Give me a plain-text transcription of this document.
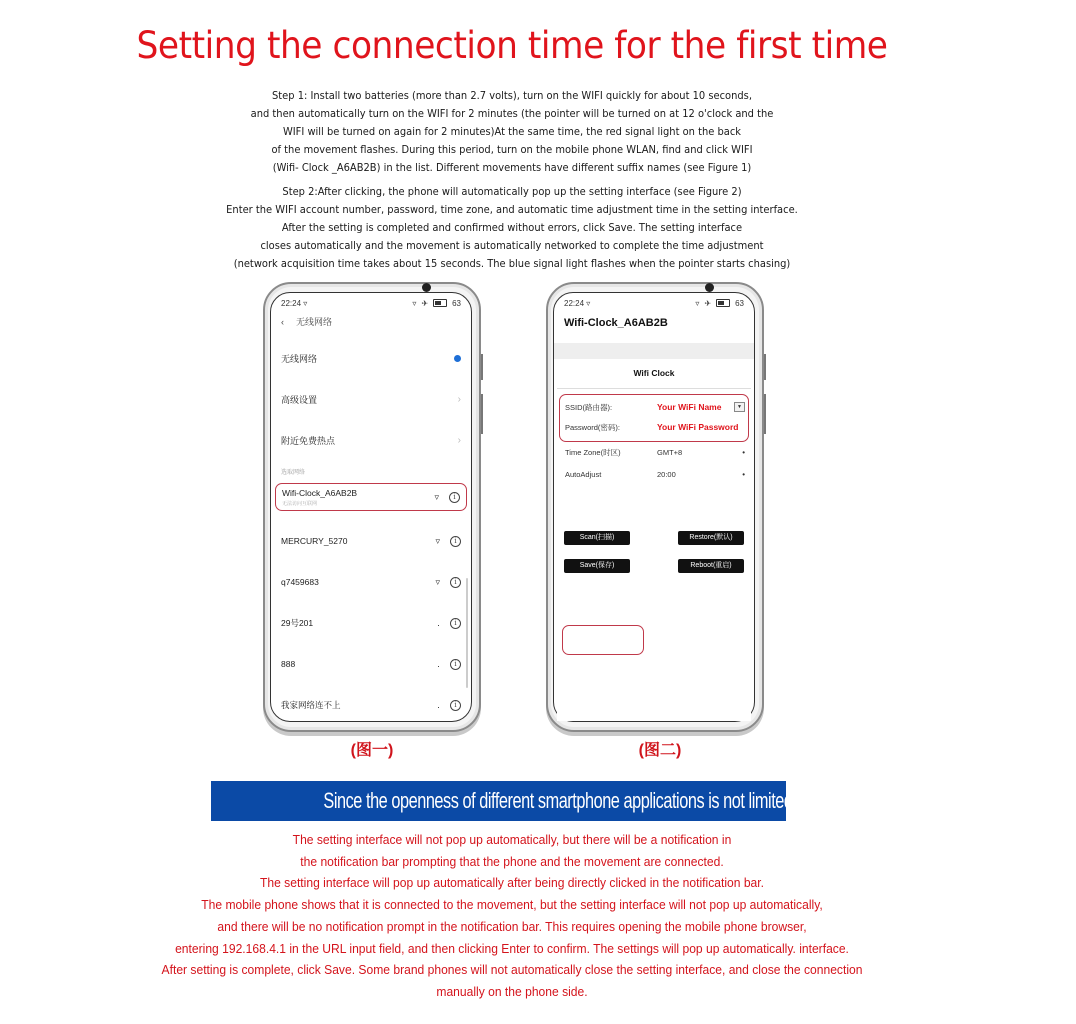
Setting the connection time for the first time
Step 1: Install two batteries (more than 2.7 volts), turn on the WIFI quickly for about 10 seconds,
and then automatically turn on the WIFI for 2 minutes (the pointer will be turned on at 12 o'clock and the
WIFI will be turned on again for 2 minutes)At the same time, the red signal light on the back
of the movement flashes. During this period, turn on the mobile phone WLAN, find and click WIFI
(Wifi- Clock _A6AB2B) in the list. Different movements have different suffix names (see Figure 1)
Step 2:After clicking, the phone will automatically pop up the setting interface (see Figure 2)
Enter the WIFI account number, password, time zone, and automatic time adjustment time in the setting interface.
After the setting is completed and confirmed without errors, click Save. The setting interface
closes automatically and the movement is automatically networked to complete the time adjustment
(network acquisition time takes about 15 seconds. The blue signal light flashes when the pointer starts chasing)
22:24 ▿	▿ ✈	63
‹ 无线网络
无线网络
高级设置	›
附近免费热点	›
选取网络
Wifi-Clock_A6AB2B
无法访问互联网
▿	i
MERCURY_5270	▿	i
q7459683	▿	i
29号201	․	i
888	․	i
我家网络连不上	․	i
(图一)
22:24 ▿	▿ ✈	63
Wifi-Clock_A6AB2B
Wifi Clock
SSID(路由器):	Your WiFi Name	▼
Password(密码):	Your WiFi Password
Time Zone(时区)	GMT+8	•
AutoAdjust	20:00	•
Scan(扫描)	Restore(默认)
Save(保存)	Reboot(重启)
(图二)
Since the openness of different smartphone applications is not limited, you may need to do this
The setting interface will not pop up automatically, but there will be a notification in
the notification bar prompting that the phone and the movement are connected.
The setting interface will pop up automatically after being directly clicked in the notification bar.
The mobile phone shows that it is connected to the movement, but the setting interface will not pop up automatically,
and there will be no notification prompt in the notification bar. This requires opening the mobile phone browser,
entering 192.168.4.1 in the URL input field, and then clicking Enter to confirm. The settings will pop up automatically. interface.
After setting is complete, click Save. Some brand phones will not automatically close the setting interface, and close the connection
manually on the phone side.
